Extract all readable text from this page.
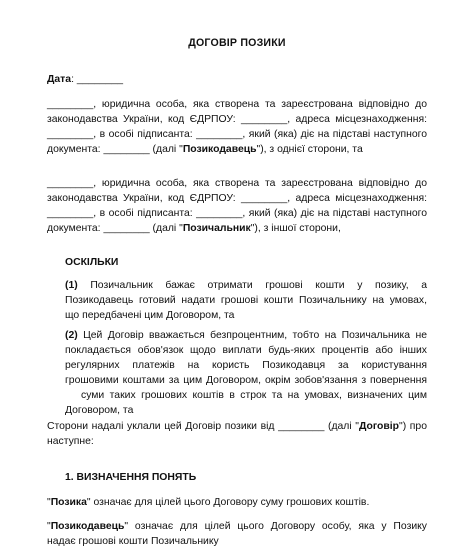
ДОГОВІР ПОЗИКИ
Дата: ________
________, юридична особа, яка створена та зареєстрована відповідно до
законодавства України, код ЄДРПОУ: ________, адреса місцезнаходження:
________, в особі підписанта: ________, який (яка) діє на підставі наступного
документа: ________ (далі "Позикодавець"), з однієї сторони, та
________, юридична особа, яка створена та зареєстрована відповідно до
законодавства України, код ЄДРПОУ: ________, адреса місцезнаходження:
________, в особі підписанта: ________, який (яка) діє на підставі наступного
документа: ________ (далі "Позичальник"), з іншої сторони,
ОСКІЛЬКИ
(1) Позичальник бажає отримати грошові кошти у позику, а
Позикодавець готовий надати грошові кошти Позичальнику на умовах,
що передбачені цим Договором, та
(2) Цей Договір вважається безпроцентним, тобто на Позичальника не
покладається обов'язок щодо виплати будь-яких процентів або інших
регулярних платежів на користь Позикодавця за користування
грошовими коштами за цим Договором, окрім зобов'язання з повернення
суми таких грошових коштів в строк та на умовах, визначених цим
Договором, та
Сторони надалі уклали цей Договір позики від ________ (далі "Договір") про
наступне:
1. ВИЗНАЧЕННЯ ПОНЯТЬ
"Позика" означає для цілей цього Договору суму грошових коштів.
"Позикодавець" означає для цілей цього Договору особу, яка у Позику
надає грошові кошти Позичальнику
